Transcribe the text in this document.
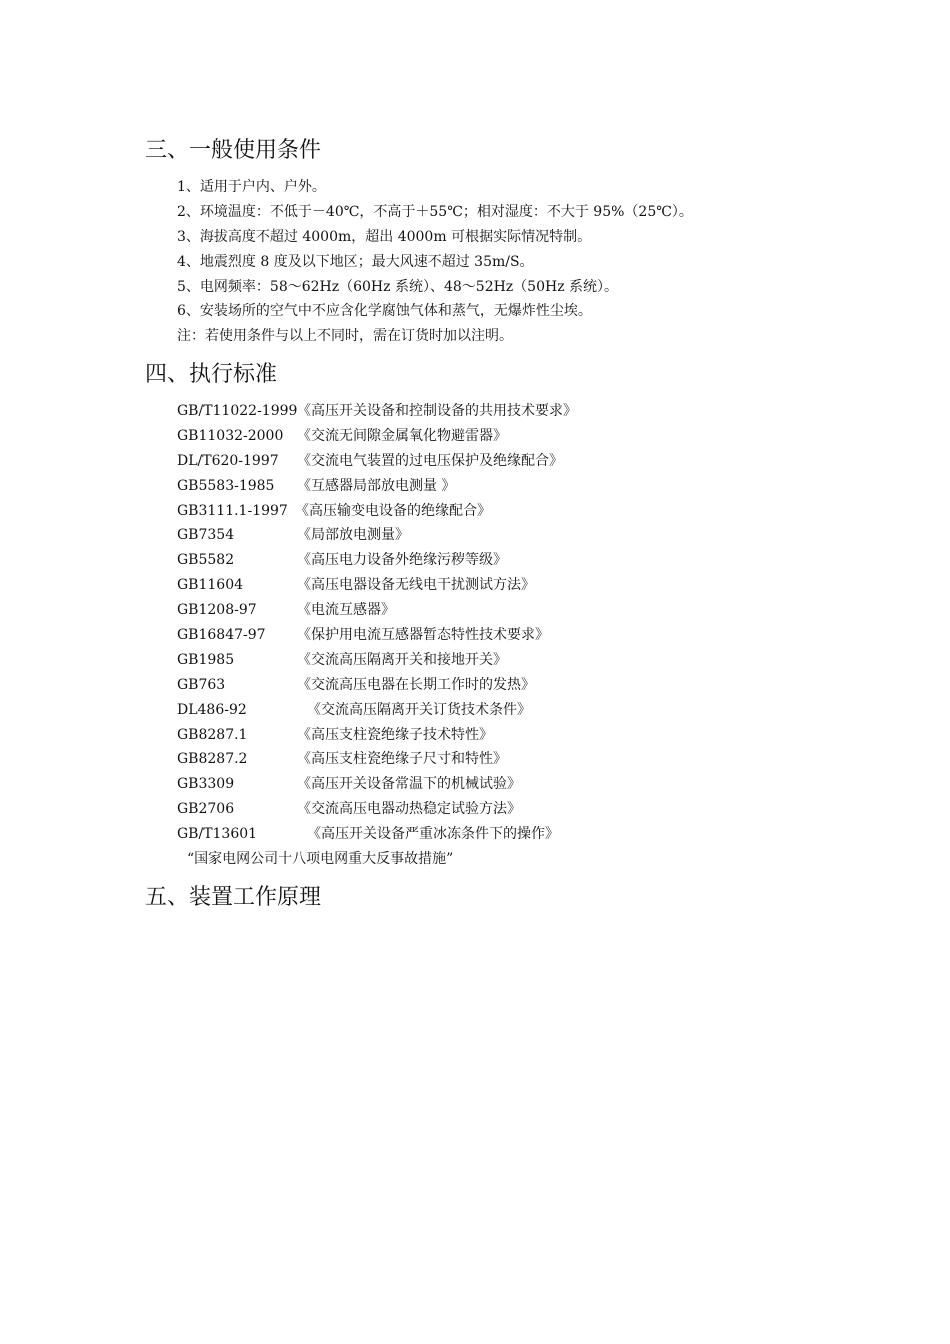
三、一般使用条件
1、适用于户内、户外。
2、环境温度：不低于－40℃，不高于＋55℃；相对湿度：不大于 95%（25℃）。
3、海拔高度不超过 4000m，超出 4000m 可根据实际情况特制。
4、地震烈度 8 度及以下地区；最大风速不超过 35m/S。
5、电网频率：58～62Hz（60Hz 系统）、48～52Hz（50Hz 系统）。
6、安装场所的空气中不应含化学腐蚀气体和蒸气，无爆炸性尘埃。
注：若使用条件与以上不同时，需在订货时加以注明。
四、执行标准
GB/T11022-1999 《高压开关设备和控制设备的共用技术要求》
GB11032-2000 《交流无间隙金属氧化物避雷器》
DL/T620-1997 《交流电气装置的过电压保护及绝缘配合》
GB5583-1985 《互感器局部放电测量 》
GB3111.1-1997 《高压输变电设备的绝缘配合》
GB7354	《局部放电测量》
GB5582	《高压电力设备外绝缘污秽等级》
GB11604	《高压电器设备无线电干扰测试方法》
GB1208-97	《电流互感器》
GB16847-97 《保护用电流互感器暂态特性技术要求》
GB1985	《交流高压隔离开关和接地开关》
GB763	《交流高压电器在长期工作时的发热》
DL486-92	《交流高压隔离开关订货技术条件》
GB8287.1	《高压支柱瓷绝缘子技术特性》
GB8287.2	《高压支柱瓷绝缘子尺寸和特性》
GB3309	《高压开关设备常温下的机械试验》
GB2706	《交流高压电器动热稳定试验方法》
GB/T13601	《高压开关设备严重冰冻条件下的操作》
“国家电网公司十八项电网重大反事故措施”
五、装置工作原理
